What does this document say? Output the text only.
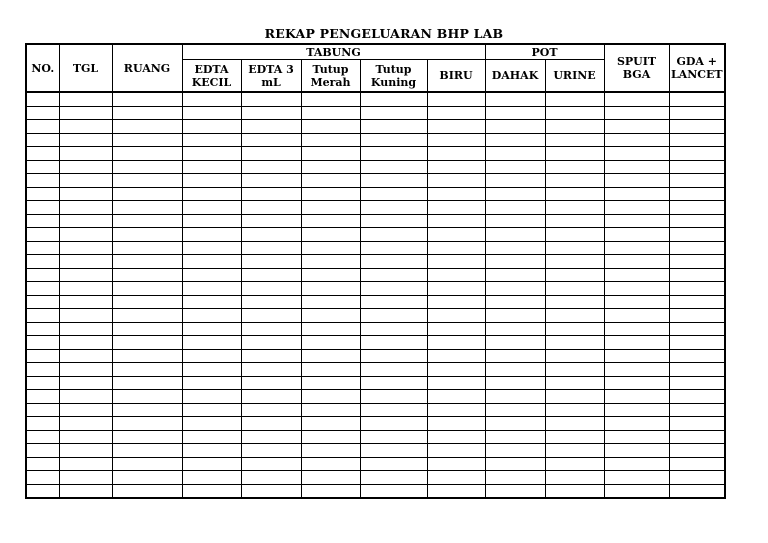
REKAP PENGELUARAN BHP LAB
NO.	TGL	RUANG	TABUNG					POT		SPUIT BGA	GDA + LANCET
			EDTA KECIL	EDTA 3 mL	Tutup Merah	Tutup Kuning	BIRU	DAHAK	URINE		
